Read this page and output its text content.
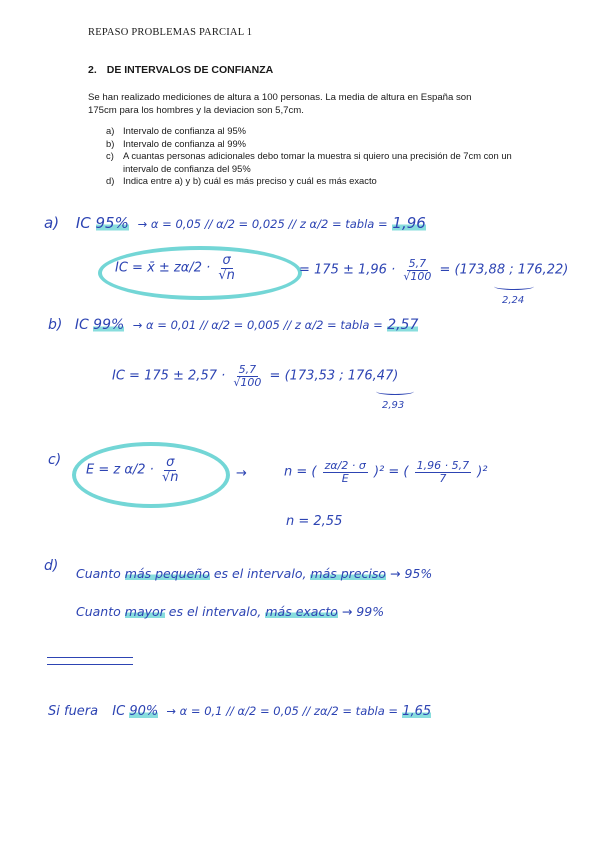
REPASO PROBLEMAS PARCIAL 1
2. DE INTERVALOS DE CONFIANZA

Se han realizado mediciones de altura a 100 personas. La media de altura en España son
175cm para los hombres y la deviacion son 5,7cm.

a) Intervalo de confianza al 95%
b) Intervalo de confianza al 99%
c) A cuantas personas adicionales debo tomar la muestra si quiero una precisión de 7cm con un intervalo de confianza del 95%
d) Indica entre a) y b) cuál es más preciso y cuál es más exacto
a) IC 95% → α = 0,05 // α/2 = 0,025 // z α/2 = tabla = 1,96
IC = x̄ ± $z\alpha/2 \cdot \frac{\sigma}{√n}$	= $175 \pm 1,96 \cdot \frac{5,7}{√100} = (173,88$ ; 176,22)
2,24
b) IC 99% → α = 0,01 // α/2 = 0,005 // z α/2 = tabla = 2,57
IC = $175 \pm 2,57 \cdot \frac{5,7}{√100} = (173,53$ ; 176,47)
2,93
c)
E = z $\alpha/2 \cdot \frac{\sigma}{√n}$	→	n = ( $\frac{z\alpha/2 \cdot \sigma}{E} )^2$ = ( $\frac{1,96 \cdot 5,7}{7} )^2$
n = 2,55
d) Cuanto más pequeño es el intervalo, más preciso → 95%
Cuanto mayor es el intervalo, más exacto → 99%
Si fuera IC 90% → α = 0,1 // α/2 = 0,05 // zα/2 = tabla = 1,65
